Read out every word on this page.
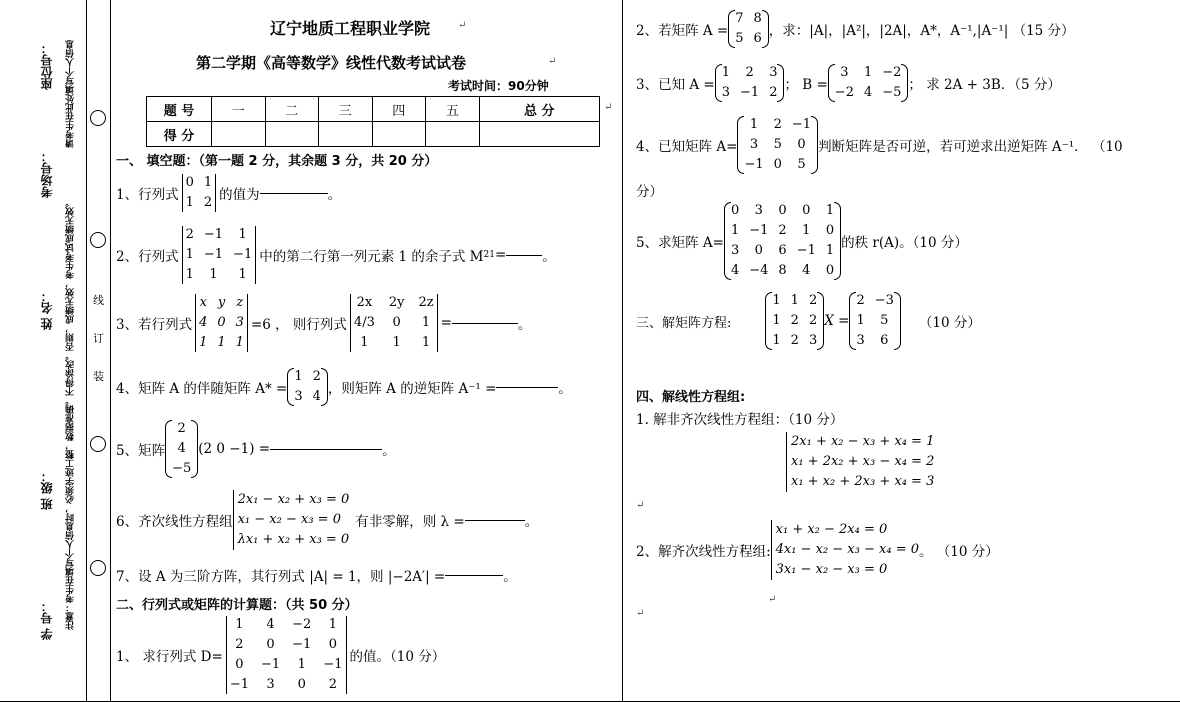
座位号：
考场号：
姓 名：
班 级：
学 号：
请考生在此处填写个人信息
注意：考生在填写个人信息时，必须字迹工整，数据准确。不得涂改。否则，成绩无效，考生考试成绩无效。 线
订
装
辽宁地质工程职业学院
第二学期《高等数学》线性代数考试试卷
考试时间：90分钟
题 号	一	二	三	四	五	总 分
得 分						
一、 填空题：（第一题 2 分，其余题 3 分，共 20 分）
1、行列式
0 1
1 2 的值为	。
2、行列式
2 −1	1
1 −1 −1
1	1	1
中的第二行第一列元素 1 的余子式 M 21 =	。
3、若行列式
x y z
4 0 3
1 1 1
=6 ， 则行列式
2x 2y 2z
4/3 0 1
1	1 1
=	。
4、矩阵 A 的伴随矩阵 A* =
1 2
3 4 ，则矩阵 A 的逆矩阵 A⁻¹ =	。
5、矩阵
2
4
−5
(2 0 −1) =	。
6、齐次线性方程组
2x₁ − x₂ + x₃ = 0
x₁ − x₂ − x₃ = 0
λx₁ + x₂ + x₃ = 0
有非零解，则 λ =	。
7、设 A 为三阶方阵，其行列式 |A| = 1，则 |−2A′| =	。
二、行列式或矩阵的计算题：（共 50 分）
1、 求行列式 D=
1	4	−2	1
2	0	−1	0
0	−1	1	−1
−1	3	0	2
的值。（10 分）
2、若矩阵 A =
7 8
5 6 ，求：|A|，|A²|，|2A|，A*，A⁻¹,|A⁻¹| （15 分）
3、已知 A =
1	2	3
3 −1 2 ； B =
3	1 −2
−2 4 −5 ； 求 2A + 3B．（5 分）
4、已知矩阵 A=
1	2 −1
3	5	0
−1 0	5
判断矩阵是否可逆，若可逆求出逆矩阵 A⁻¹． （10
分）
5、求矩阵 A=
0	3	0	0	1
1 −1 2	1	0
3	0	6 −1 1
4 −4 8	4	0
的秩 r(A)。（10 分）
三、解矩阵方程:
1 1 2
1 2 2
1 2 3
X =
2 −3
1	5
3	6
（10 分）
四、解线性方程组:
1. 解非齐次线性方程组：（10 分）
2x₁ + x₂ − x₃ + x₄ = 1
x₁ + 2x₂ + x₃ − x₄ = 2
x₁ + x₂ + 2x₃ + x₄ = 3
2、解齐次线性方程组:
x₁ + x₂ − 2x₄ = 0
4x₁ − x₂ − x₃ − x₄ = 0
3x₁ − x₂ − x₃ = 0
。 （10 分）
↵
↵
↵
↵
↵
↵
